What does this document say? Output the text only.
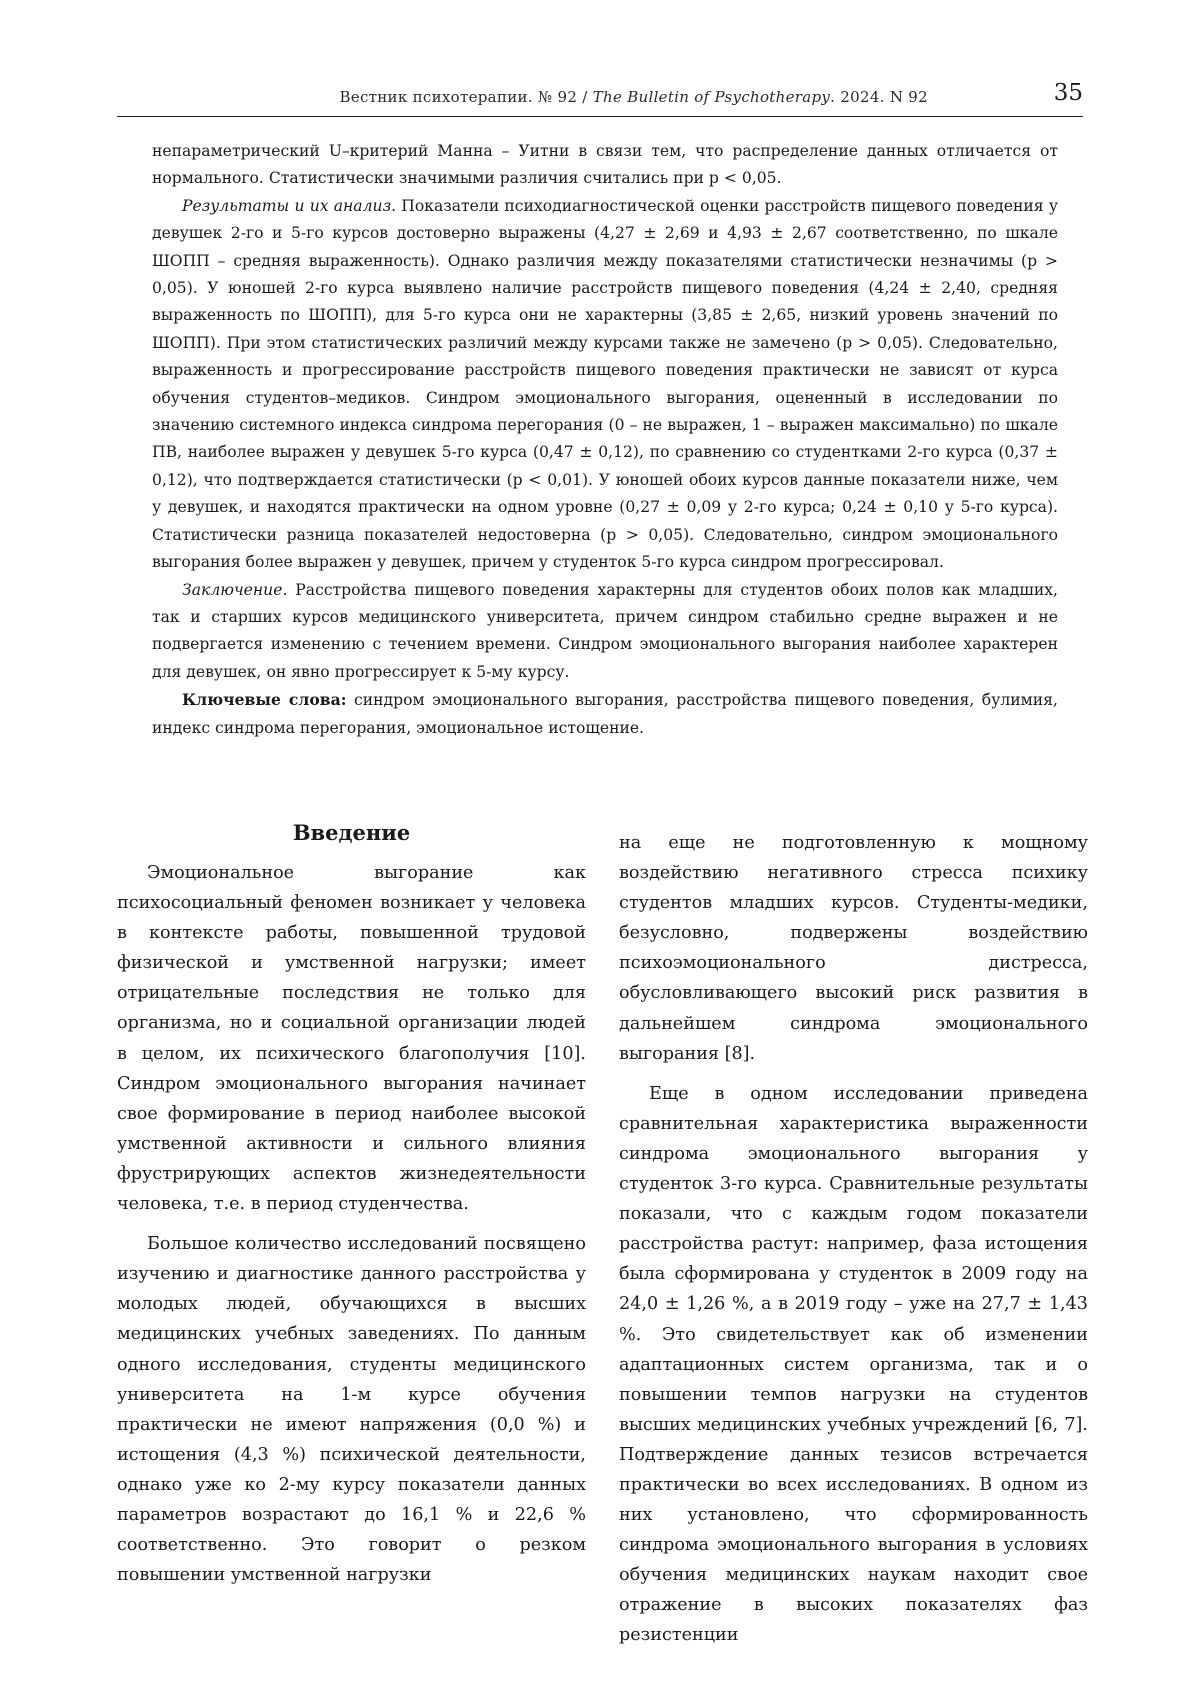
Вестник психотерапии. № 92 / The Bulletin of Psychotherapy. 2024. N 92	35

непараметрический U–критерий Манна – Уитни в связи тем, что распределение данных отличается от нормального. Статистически значимыми различия считались при p < 0,05.

Результаты и их анализ. Показатели психодиагностической оценки расстройств пищевого поведения у девушек 2-го и 5-го курсов достоверно выражены (4,27 ± 2,69 и 4,93 ± 2,67 соответственно, по шкале ШОПП – средняя выраженность). Однако различия между показателями статистически незначимы (p > 0,05). У юношей 2-го курса выявлено наличие расстройств пищевого поведения (4,24 ± 2,40, средняя выраженность по ШОПП), для 5-го курса они не характерны (3,85 ± 2,65, низкий уровень значений по ШОПП). При этом статистических различий между курсами также не замечено (p > 0,05). Следовательно, выраженность и прогрессирование расстройств пищевого поведения практически не зависят от курса обучения студентов–медиков. Синдром эмоционального выгорания, оцененный в исследовании по значению системного индекса синдрома перегорания (0 – не выражен, 1 – выражен максимально) по шкале ПВ, наиболее выражен у девушек 5-го курса (0,47 ± 0,12), по сравнению со студентками 2-го курса (0,37 ± 0,12), что подтверждается статистически (p < 0,01). У юношей обоих курсов данные показатели ниже, чем у девушек, и находятся практически на одном уровне (0,27 ± 0,09 у 2-го курса; 0,24 ± 0,10 у 5-го курса). Статистически разница показателей недостоверна (p > 0,05). Следовательно, синдром эмоционального выгорания более выражен у девушек, причем у студенток 5-го курса синдром прогрессировал.

Заключение. Расстройства пищевого поведения характерны для студентов обоих полов как младших, так и старших курсов медицинского университета, причем синдром стабильно средне выражен и не подвергается изменению с течением времени. Синдром эмоционального выгорания наиболее характерен для девушек, он явно прогрессирует к 5-му курсу.

Ключевые слова: синдром эмоционального выгорания, расстройства пищевого поведения, булимия, индекс синдрома перегорания, эмоциональное истощение.

Введение

Эмоциональное выгорание как психосоциальный феномен возникает у человека в контексте работы, повышенной трудовой физической и умственной нагрузки; имеет отрицательные последствия не только для организма, но и социальной организации людей в целом, их психического благополучия [10]. Синдром эмоционального выгорания начинает свое формирование в период наиболее высокой умственной активности и сильного влияния фрустрирующих аспектов жизнедеятельности человека, т.е. в период студенчества.

Большое количество исследований посвящено изучению и диагностике данного расстройства у молодых людей, обучающихся в высших медицинских учебных заведениях. По данным одного исследования, студенты медицинского университета на 1-м курсе обучения практически не имеют напряжения (0,0 %) и истощения (4,3 %) психической деятельности, однако уже ко 2-му курсу показатели данных параметров возрастают до 16,1 % и 22,6 % соответственно. Это говорит о резком повышении умственной нагрузки

на еще не подготовленную к мощному воздействию негативного стресса психику студентов младших курсов. Студенты-медики, безусловно, подвержены воздействию психоэмоционального дистресса, обусловливающего высокий риск развития в дальнейшем синдрома эмоционального выгорания [8].

Еще в одном исследовании приведена сравнительная характеристика выраженности синдрома эмоционального выгорания у студенток 3-го курса. Сравнительные результаты показали, что с каждым годом показатели расстройства растут: например, фаза истощения была сформирована у студенток в 2009 году на 24,0 ± 1,26 %, а в 2019 году – уже на 27,7 ± 1,43 %. Это свидетельствует как об изменении адаптационных систем организма, так и о повышении темпов нагрузки на студентов высших медицинских учебных учреждений [6, 7]. Подтверждение данных тезисов встречается практически во всех исследованиях. В одном из них установлено, что сформированность синдрома эмоционального выгорания в условиях обучения медицинских наукам находит свое отражение в высоких показателях фаз резистенции
